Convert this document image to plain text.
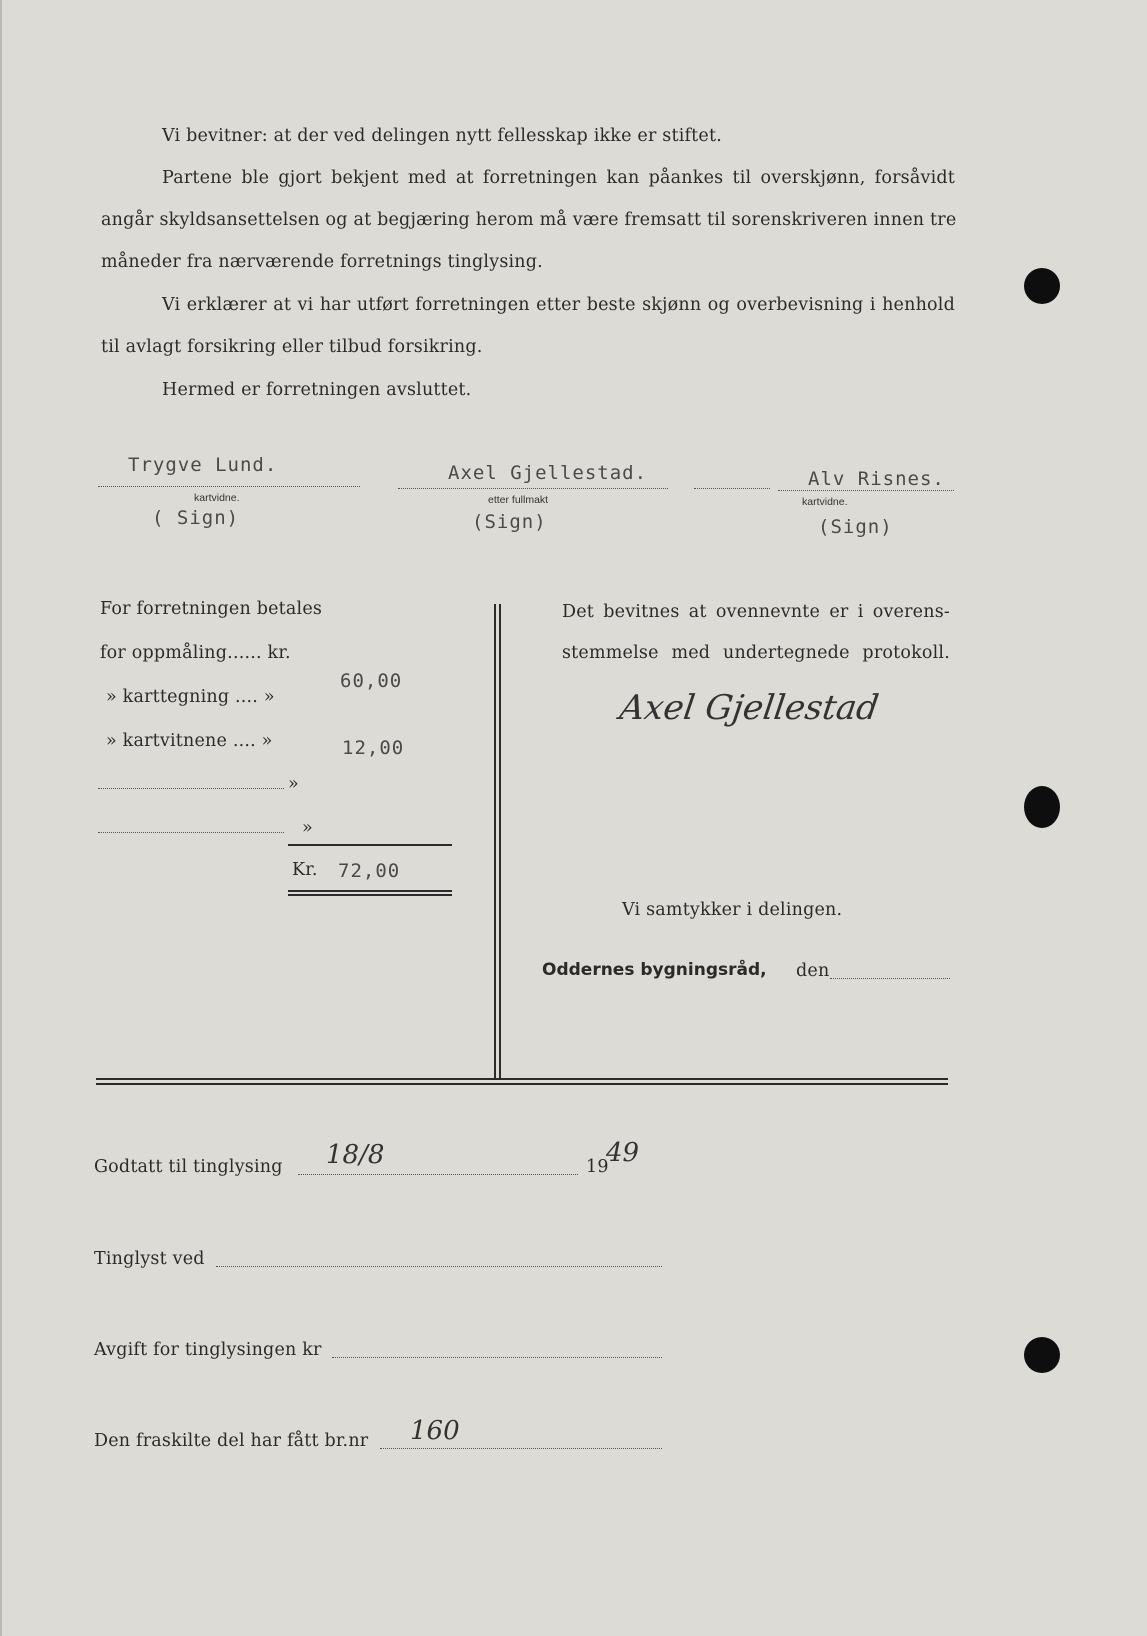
Vi bevitner: at der ved delingen nytt fellesskap ikke er stiftet.
Partene ble gjort bekjent med at forretningen kan påankes til overskjønn, forsåvidt
angår skyldsansettelsen og at begjæring herom må være fremsatt til sorenskriveren innen tre
måneder fra nærværende forretnings tinglysing.
Vi erklærer at vi har utført forretningen etter beste skjønn og overbevisning i henhold
til avlagt forsikring eller tilbud forsikring.
Hermed er forretningen avsluttet.
Trygve Lund.
kartvidne.
( Sign)
Axel Gjellestad.
etter fullmakt
(Sign)
Alv Risnes.
kartvidne.
(Sign)
For forretningen betales
for oppmåling...... kr.
60,00
» karttegning .... »
» kartvitnene .... »	12,00
»
»
Kr. 72,00
Det bevitnes at ovennevnte er i overens-
stemmelse med undertegnede protokoll.
Axel Gjellestad
Vi samtykker i delingen.
Oddernes bygningsråd, den
Godtatt til tinglysing 18/8	19
49
Tinglyst ved
Avgift for tinglysingen kr
Den fraskilte del har fått br.nr 160
